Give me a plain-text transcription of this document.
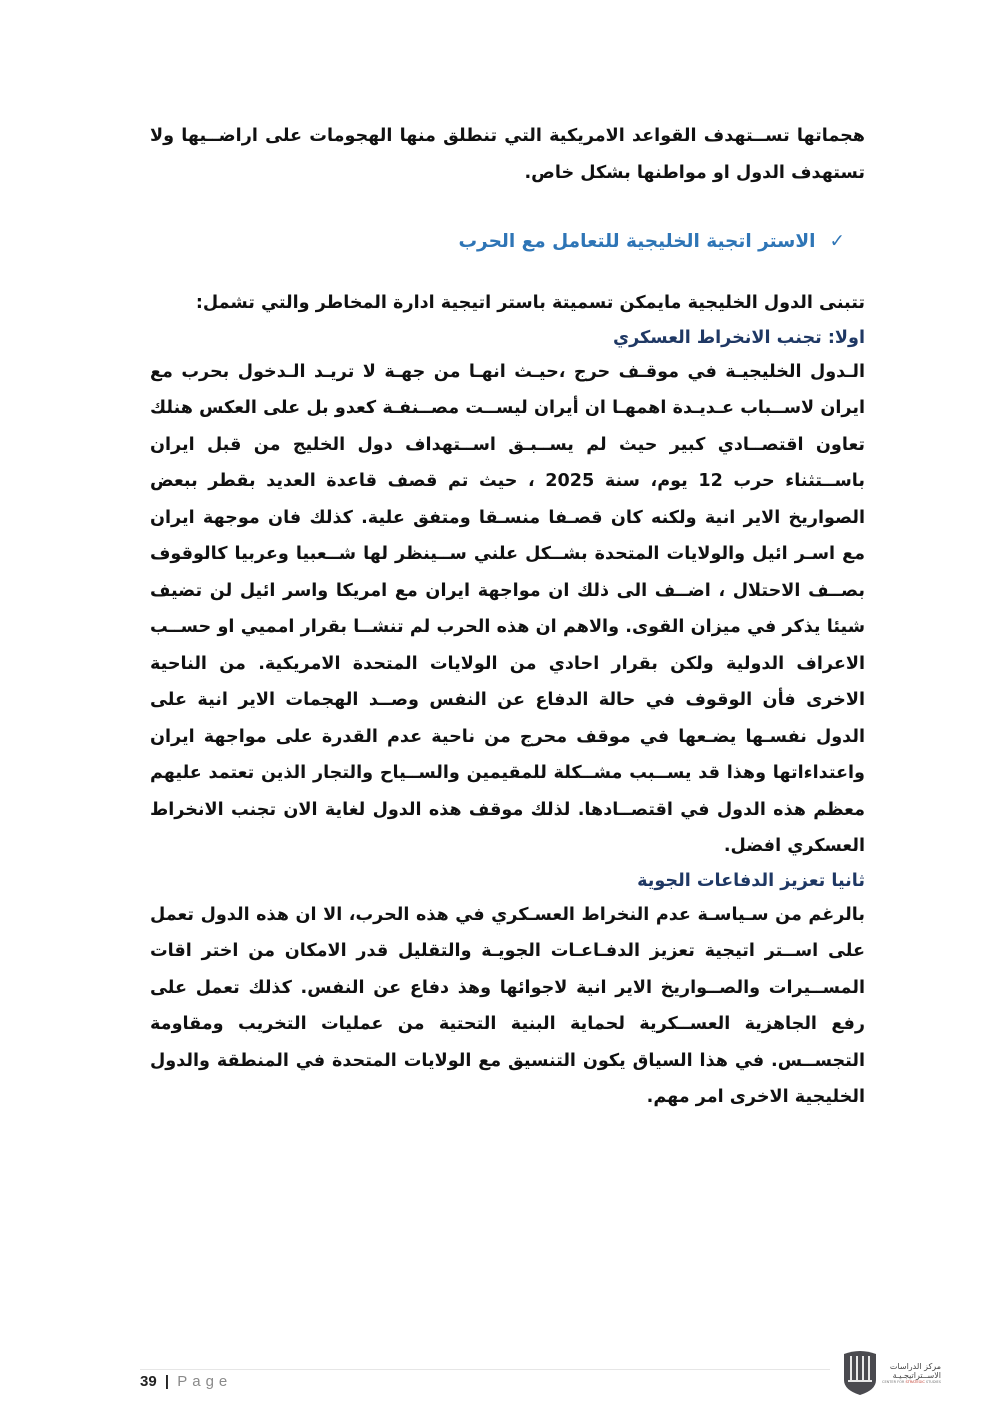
هجماتها تســتهدف القواعد الامريكية التي تنطلق منها الهجومات على اراضــيها ولا تستهدف الدول او مواطنها بشكل خاص.

✓الاستر اتجية الخليجية للتعامل مع الحرب

تتبنى الدول الخليجية مايمكن تسميتة باستر اتيجية ادارة المخاطر والتي تشمل:

اولا: تجنب الانخراط العسكري

الـدول الخليجيـة في موقـف حرج ،حيـث انهـا من جهـة لا تريـد الـدخول بحرب مع ايران لاســباب عـديـدة اهمهـا ان أيران ليســت مصــنفـة كعدو بل على العكس هنلك تعاون اقتصــادي كبير حيث لم يســبـق اســتهداف دول الخليج من قبل ايران باســتثناء حرب 12 يوم، سنة 2025 ، حيث تم قصف قاعدة العديد بقطر ببعض الصواريخ الاير انية ولكنه كان قصـفا منسـقا ومتفق علية. كذلك فان موجهة ايران مع اسـر ائيل والولايات المتحدة بشــكل علني ســينظر لها شــعبيا وعربيا كالوقوف بصــف الاحتلال ، اضــف الى ذلك ان مواجهة ايران مع امريكا واسر ائيل لن تضيف شيئا يذكر في ميزان القوى. والاهم ان هذه الحرب لم تنشــا بقرار امميي او حســب الاعراف الدولية ولكن بقرار احادي من الولايات المتحدة الامريكية. من الناحية الاخرى فأن الوقوف في حالة الدفاع عن النفس وصــد الهجمات الاير انية على الدول نفسـها يضـعها في موقف محرج من ناحية عدم القدرة على مواجهة ايران واعتداءاتها وهذا قد يســبب مشــكلة للمقيمين والســياح والتجار الذين تعتمد عليهم معظم هذه الدول في اقتصــادها. لذلك موقف هذه الدول لغاية الان تجنب الانخراط العسكري افضل.

ثانيا تعزيز الدفاعات الجوية

بالرغم من سـياسـة عدم النخراط العسـكري في هذه الحرب، الا ان هذه الدول تعمل على اســتر اتيجية تعزيز الدفـاعـات الجويـة والتقليل قدر الامكان من اختر اقات المســيرات والصــواريخ الاير انية لاجوائها وهذ دفاع عن النفس. كذلك تعمل على رفع الجاهزية العســكرية لحماية البنية التحتية من عمليات التخريب ومقاومة التجســس. في هذا السياق يكون التنسيق مع الولايات المتحدة في المنطقة والدول الخليجية الاخرى امر مهم.

39 | Page
مركز الدراسات
الاســتراتيجـيـة
CENTER FOR STRATEGIC STUDIES
